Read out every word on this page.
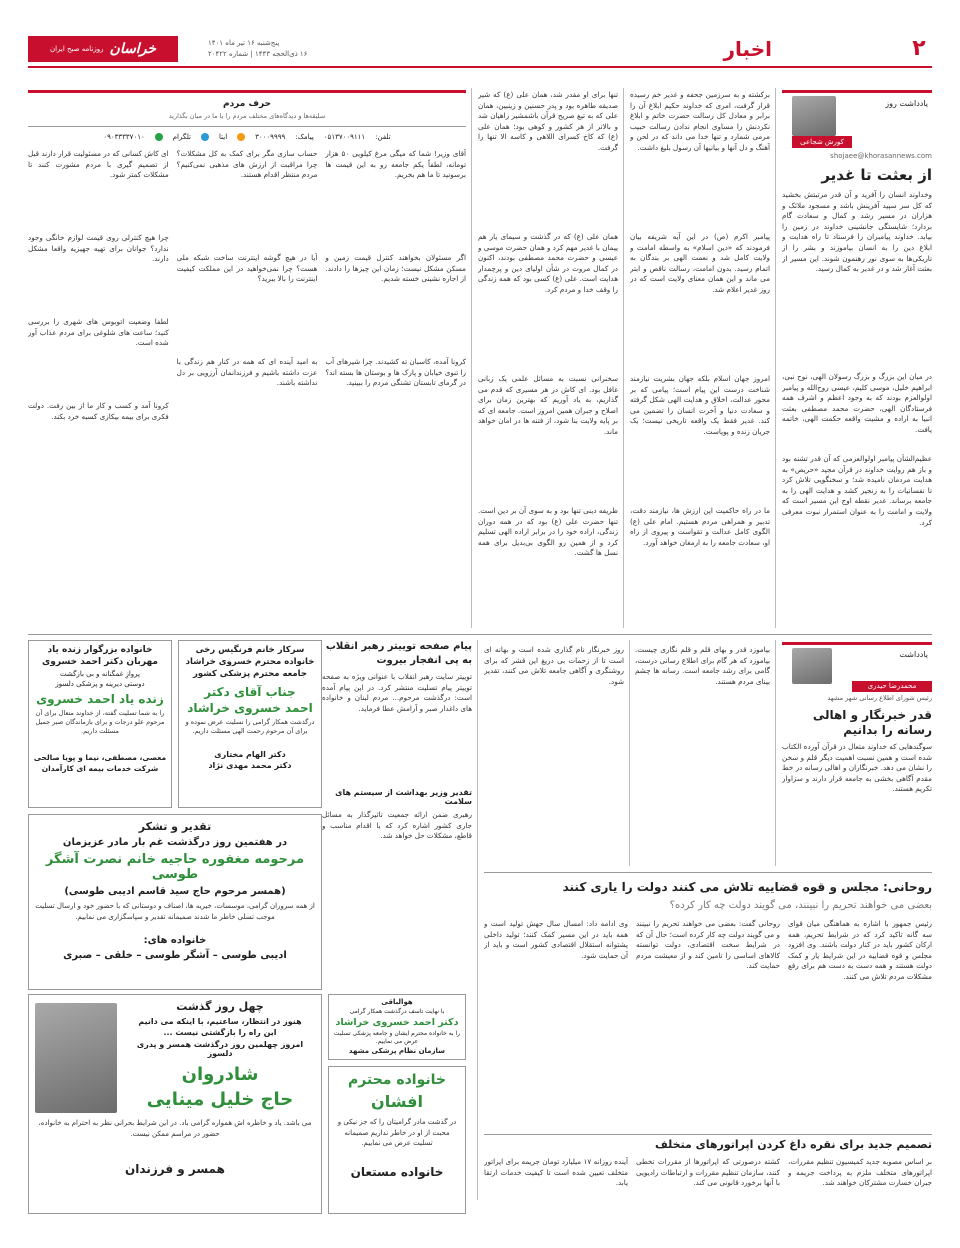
۲
اخبار
پنج‌شنبه ۱۶ تیر ماه ۱۴۰۱
۱۶ ذی‌الحجه ۱۴۴۳ | شماره ۲۰۴۲۲
خراسان
روزنامه صبح ایران
یادداشت روز
کورش شجاعی
shojaee@khorasannews.com
از بعثت تا غدیر

وخداوند انسان را آفرید و آن قدر مرتبتش بخشید که کل سر سپید آفرینش باشد و مسجود ملائک و هزاران در مسیر رشد و کمال و سعادت گام بردارد؛ شایستگی جانشینی خداوند در زمین را بیابد. خداوند پیامبران را فرستاد تا راه هدایت و ابلاغ دین را به انسان بیاموزند و بشر را از تاریکی‌ها به سوی نور رهنمون شوند. این مسیر از بعثت آغاز شد و در غدیر به کمال رسید.

در میان این بزرگ و بزرگ رسولان الهی، نوح نبی، ابراهیم خلیل، موسی کلیم، عیسی روح‌الله و پیامبر اولوالعزم بودند که به وجود اعظم و اشرف همه فرستادگان الهی، حضرت محمد مصطفی بعثت انبیا به اراده و مشیت واقعه حکمت الهی، خاتمه یافت.

عظیم‌الشأن پیامبر اولوالعزمی که آن قدر تشنه بود و باز هم روایت خداوند در قرآن مجید «حریص» به هدایت مردمان نامیده شد؛ و سخنگویی تلاش کرد تا نفسانیات را به زنجیر کشد و هدایت الهی را به جامعه برساند. غدیر نقطه اوج این مسیر است که ولایت و امامت را به عنوان استمرار نبوت معرفی کرد.

برکشته و به سرزمین جحفه و غدیر خم رسیده قرار گرفت، امری که خداوند حکیم ابلاغ آن را برابر و معادل کل رسالت حضرت خاتم و ابلاغ نکردنش را مساوی انجام ندادن رسالت حبیب مرمی شمارد و تنها خدا می داند که در لحن و آهنگ و دل آنها و بیانیها آن رسول بلیغ داشت.

پیامبر اکرم (ص) در این آیه شریفه بیان فرمودند که «دین اسلام» به واسطه امامت و ولایت کامل شد و نعمت الهی بر بندگان به اتمام رسید. بدون امامت، رسالت ناقص و ابتر می ماند و این همان معنای ولایت است که در روز غدیر اعلام شد.

امروز جهان اسلام بلکه جهان بشریت نیازمند شناخت درست این پیام است؛ پیامی که بر محور عدالت، اخلاق و هدایت الهی شکل گرفته و سعادت دنیا و آخرت انسان را تضمین می کند. غدیر فقط یک واقعه تاریخی نیست؛ یک جریان زنده و پویاست.

ما در راه حاکمیت این ارزش ها، نیازمند دقت، تدبیر و همراهی مردم هستیم. امام علی (ع) الگوی کامل عدالت و تقواست و پیروی از راه او، سعادت جامعه را به ارمغان خواهد آورد.

تنها برای او مقدر شد، همان علی (ع) که شیر صدیقه طاهره بود و پدر حسنین و زینبین، همان علی که به تیغ صریح قرآن باشمشیر راهیان شد و بالاتر از هر کشور و کوهی بود؛ همان علی (ع) که کاخ کسرای اللاهی و کاسه الا تنها را گرفت.

همان علی (ع) که در گذشت و سیمای یار هم پیمان با غدیر مهم کرد و همان حضرت موسی و عیسی و حضرت محمد مصطفی بودند، اکنون در کمال مروت در شأن اولیای دین و پرچمدار هدایت است. علی (ع) کسی بود که همه زندگی را وقف خدا و مردم کرد.

سخنرانی نسبت به مسائل علمی یک زبانی غافل بود. ای کاش در هر مسیری که قدم می گذاریم، به یاد آوریم که بهترین زمان برای اصلاح و جبران همین امروز است. جامعه ای که بر پایه ولایت بنا شود، از فتنه ها در امان خواهد ماند.

ظریفه دینی تنها بود و به سوی آن بر دین است. تنها حضرت علی (ع) بود که در همه دوران زندگی، اراده خود را در برابر اراده الهی تسلیم کرد و از همین رو الگوی بی‌بدیل برای همه نسل ها گشت.

حرف مردم
سلیقه‌ها و دیدگاه‌های مختلف مردم را با ما در میان بگذارید
تلفن:
۰۵۱۳۷۰۰۹۱۱۱
پیامک:
۳۰۰۰۹۹۹۹
ایتا
تلگرام
۰۹۰۳۳۳۳۷۰۱۰

آقای وزیر! شما که میگی مرغ کیلویی ۵۰ هزار تومانه، لطفاً یکم جامعه رو به این قیمت ها برسونید تا ما هم بخریم.

اگر مسئولان بخواهند کنترل قیمت زمین و مسکن مشکل نیست؛ زمان این چیزها را دادند. از اجاره نشینی خسته شدیم.

کرونا آمده، کاسبان ته کشیدند. چرا شیرهای آب را تنوی خیابان و پارک ها و بوستان ها بسته اند؟ در گرمای تابستان تشنگی مردم را ببینید.

حساب سازی مگر برای کمک به کل مشکلات؟ چرا مراقبت از ارزش های مذهبی نمی‌کنیم؟ مردم منتظر اقدام هستند.

آیا در هیچ گوشه اینترنت ساخت شبکه ملی هست؟ چرا نمی‌خواهید در این مملکت کیفیت اینترنت را بالا ببرید؟

به امید آینده ای که همه در کنار هم زندگی با عزت داشته باشیم و فرزندانمان آرزویی بر دل نداشته باشند.

ای کاش کسانی که در مسئولیت قرار دارند قبل از تصمیم گیری با مردم مشورت کنند تا مشکلات کمتر شود.

چرا هیچ کنترلی روی قیمت لوازم خانگی وجود ندارد؟ جوانان برای تهیه جهیزیه واقعا مشکل دارند.

لطفا وضعیت اتوبوس های شهری را بررسی کنید؛ ساعت های شلوغی برای مردم عذاب آور شده است.

کرونا آمد و کسب و کار ما از بین رفت. دولت فکری برای بیمه بیکاری کسبه خرد بکند.

یادداشت
محمدرضا حیدری
رئیس شورای اطلاع رسانی شهر مشهد
قدر خبرنگار و اهالی رسانه را بدانیم

سوگندهایی که خداوند متعال در قرآن آورده الکتاب شده است و همین نسبت اهمیت دیگر قلم و سخن را نشان می دهد. خبرنگاران و اهالی رسانه در خط مقدم آگاهی بخشی به جامعه قرار دارند و سزاوار تکریم هستند.

بیاموزد قدر و بهای قلم و قلم نگاری چیست. بیاموزد که هر گام برای اطلاع رسانی درست، گامی برای رشد جامعه است. رسانه ها چشم بینای مردم هستند.

روز خبرنگار نام گذاری شده است و بهانه ای است تا از زحمات بی دریغ این قشر که برای روشنگری و آگاهی جامعه تلاش می کنند، تقدیر شود.

پیام صفحه توییتر رهبر انقلاب به پی انفجار بیروت

توییتر سایت رهبر انقلاب با عنوانی ویژه به صفحه توییتر پیام تسلیت منتشر کرد. در این پیام آمده است: درگذشت مرحوم... مردم لبنان و خانواده های داغدار صبر و آرامش عطا فرماید.

تقدیر وزیر بهداشت از سیستم های سلامت

رهبری ضمن ارائه جمعیت تاثیرگذار به مسائل جاری کشور اشاره کرد که با اقدام مناسب و قاطع، مشکلات حل خواهد شد.

روحانی:
مجلس و قوه قضاییه تلاش می کنند دولت را یاری کنند
بعضی می خواهند تحریم را نبینند، می گویند دولت چه کار کرده؟

رئیس جمهور با اشاره به هماهنگی میان قوای سه گانه تاکید کرد که در شرایط تحریم، همه ارکان کشور باید در کنار دولت باشند. وی افزود مجلس و قوه قضاییه در این شرایط یار و کمک دولت هستند و همه دست به دست هم برای رفع مشکلات مردم تلاش می کنند.

روحانی گفت: بعضی می خواهند تحریم را نبینند و می گویند دولت چه کار کرده است؛ حال آن که در شرایط سخت اقتصادی، دولت توانسته کالاهای اساسی را تامین کند و از معیشت مردم حمایت کند.

وی ادامه داد: امسال سال جهش تولید است و همه باید در این مسیر کمک کنند؛ تولید داخلی پشتوانه استقلال اقتصادی کشور است و باید از آن حمایت شود.

تصمیم جدید برای نقره داغ کردن اپراتورهای متخلف

بر اساس مصوبه جدید کمیسیون تنظیم مقررات، اپراتورهای متخلف ملزم به پرداخت جریمه و جبران خسارت مشترکان خواهند شد.

کشته درصورتی که اپراتورها از مقررات تخطی کنند، سازمان تنظیم مقررات و ارتباطات رادیویی با آنها برخورد قانونی می کند.

آینده روزانه ۱۷ میلیارد تومان جریمه برای اپراتور متخلف تعیین شده است تا کیفیت خدمات ارتقا یابد.

خانواده بزرگوار زنده یاد
مهربان دکتر احمد خسروی
پروازِ غمگنانه و بی بازگشت
دوستی دیرینه و پزشکی دلسوز
زنده یاد احمد خسروی

را به شما تسلیت گفته، از خداوند متعال برای آن مرحوم علو درجات و برای بازماندگان صبر جمیل مسئلت داریم.

معصی، مصطفی، نیما و پویا صالحی
شرکت خدمات بیمه ای کارآمدان
سرکار خانم فرنگیس رخی
خانواده محترم خسروی خراشاد
جامعه محترم پزشکی کشور
جناب آقای دکتر
احمد خسروی خراشاد

درگذشت همکار گرامی را تسلیت عرض نموده و برای آن مرحوم رحمت الهی مسئلت داریم.

دکتر الهام مختاری
دکتر محمد مهدی نژاد
تقدیر و تشکر
در هفتمین روز درگذشت غم بار مادر عزیزمان
مرحومه مغفوره حاجیه خانم نصرت آشگر طوسی
(همسر مرحوم حاج سید قاسم ادیبی طوسی)

از همه سروران گرامی، موسسات، خیریه ها، اصناف و دوستانی که با حضور خود و ارسال تسلیت موجب تسلی خاطر ما شدند صمیمانه تقدیر و سپاسگزاری می نماییم.

خانواده های:
ادیبی طوسی – آشگر طوسی – خلقی – صبری
هوالباقی
با نهایت تاسف درگذشت همکار گرامی
دکتر احمد خسروی خراشاد
را به خانواده محترم ایشان و جامعه پزشکی تسلیت عرض می نماییم.
سازمان نظام پزشکی مشهد
خانواده محترم
افشان

در گذشت مادر گرامیتان را که جز نیکی و محبت از او در خاطر نداریم صمیمانه تسلیت عرض می نماییم.

خانواده مستعان
چهل روز گذشت
هنوز در انتظار، ساعتیم، با اینکه می دانیم
این راه را بازگشتی نیست ...
امروز چهلمین روز درگذشت همسر و پدری دلسوز
شادروان
حاج خلیل مینایی

می باشد. یاد و خاطره اش همواره گرامی باد. در این شرایط بحرانی نظر به احترام به خانواده، حضور در مراسم ممکن نیست.

همسر و فرزندان
